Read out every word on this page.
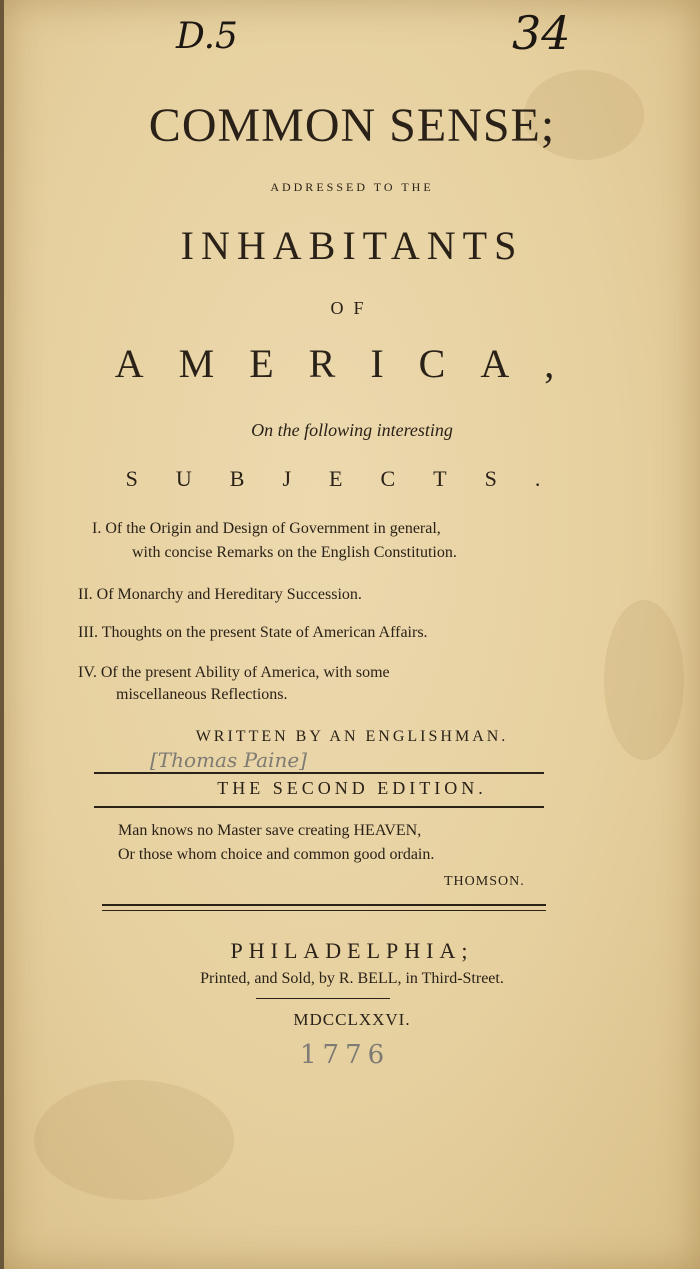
D.5	34
COMMON SENSE;
ADDRESSED TO THE
INHABITANTS
OF
AMERICA,
On the following interesting
SUBJECTS.
I. Of the Origin and Design of Government in general,
with concise Remarks on the English Constitution.
II. Of Monarchy and Hereditary Succession.
III. Thoughts on the present State of American Affairs.
IV. Of the present Ability of America, with some
miscellaneous Reflections.
WRITTEN BY AN ENGLISHMAN.
[Thomas Paine]
THE SECOND EDITION.
Man knows no Master save creating HEAVEN,
Or those whom choice and common good ordain.
THOMSON.
PHILADELPHIA;
Printed, and Sold, by R. BELL, in Third-Street.
MDCCLXXVI.
1776
